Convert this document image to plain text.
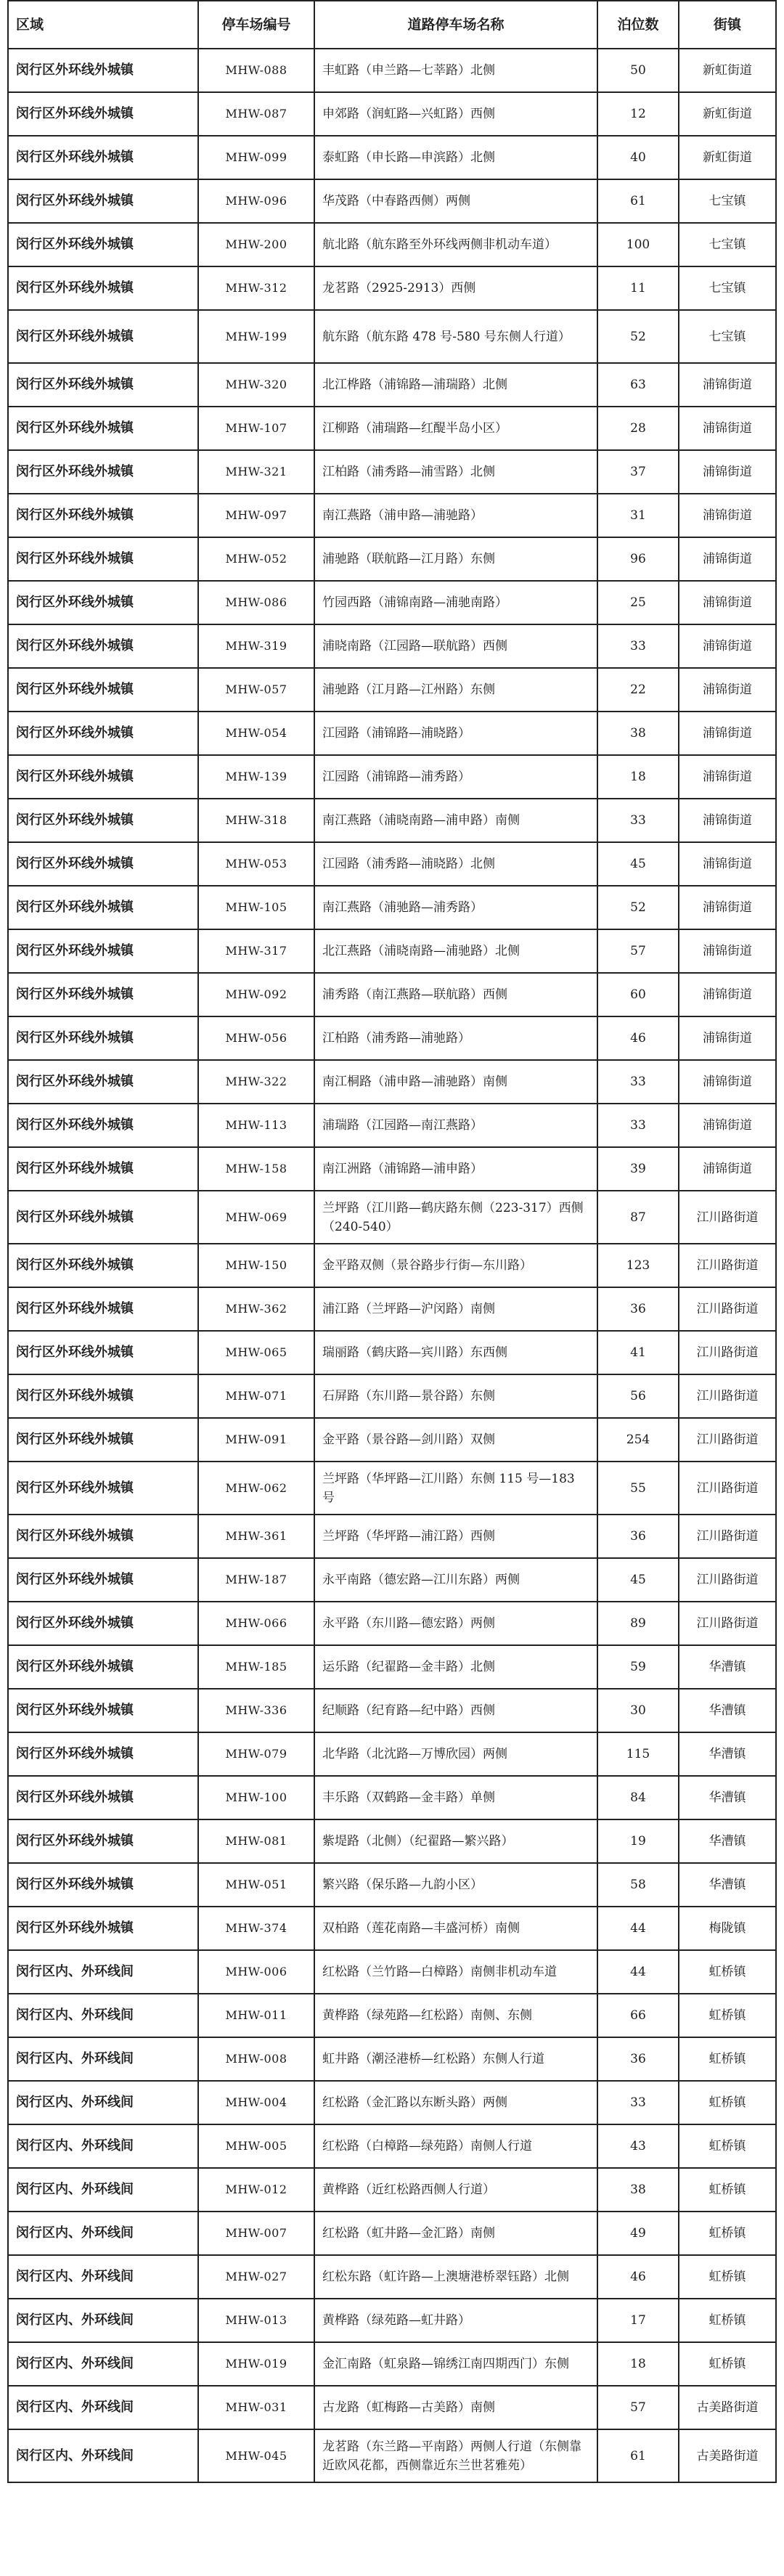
区域	停车场编号	道路停车场名称	泊位数	街镇
闵行区外环线外城镇	MHW-088	丰虹路（申兰路—七莘路）北侧	50	新虹街道
闵行区外环线外城镇	MHW-087	申郊路（润虹路—兴虹路）西侧	12	新虹街道
闵行区外环线外城镇	MHW-099	泰虹路（申长路—申滨路）北侧	40	新虹街道
闵行区外环线外城镇	MHW-096	华茂路（中春路西侧）两侧	61	七宝镇
闵行区外环线外城镇	MHW-200	航北路（航东路至外环线两侧非机动车道）	100	七宝镇
闵行区外环线外城镇	MHW-312	龙茗路（2925-2913）西侧	11	七宝镇
闵行区外环线外城镇	MHW-199	航东路（航东路 478 号-580 号东侧人行道）	52	七宝镇
闵行区外环线外城镇	MHW-320	北江桦路（浦锦路—浦瑞路）北侧	63	浦锦街道
闵行区外环线外城镇	MHW-107	江柳路（浦瑞路—红醍半岛小区）	28	浦锦街道
闵行区外环线外城镇	MHW-321	江柏路（浦秀路—浦雪路）北侧	37	浦锦街道
闵行区外环线外城镇	MHW-097	南江燕路（浦申路—浦驰路）	31	浦锦街道
闵行区外环线外城镇	MHW-052	浦驰路（联航路—江月路）东侧	96	浦锦街道
闵行区外环线外城镇	MHW-086	竹园西路（浦锦南路—浦驰南路）	25	浦锦街道
闵行区外环线外城镇	MHW-319	浦晓南路（江园路—联航路）西侧	33	浦锦街道
闵行区外环线外城镇	MHW-057	浦驰路（江月路—江州路）东侧	22	浦锦街道
闵行区外环线外城镇	MHW-054	江园路（浦锦路—浦晓路）	38	浦锦街道
闵行区外环线外城镇	MHW-139	江园路（浦锦路—浦秀路）	18	浦锦街道
闵行区外环线外城镇	MHW-318	南江燕路（浦晓南路—浦申路）南侧	33	浦锦街道
闵行区外环线外城镇	MHW-053	江园路（浦秀路—浦晓路）北侧	45	浦锦街道
闵行区外环线外城镇	MHW-105	南江燕路（浦驰路—浦秀路）	52	浦锦街道
闵行区外环线外城镇	MHW-317	北江燕路（浦晓南路—浦驰路）北侧	57	浦锦街道
闵行区外环线外城镇	MHW-092	浦秀路（南江燕路—联航路）西侧	60	浦锦街道
闵行区外环线外城镇	MHW-056	江柏路（浦秀路—浦驰路）	46	浦锦街道
闵行区外环线外城镇	MHW-322	南江桐路（浦申路—浦驰路）南侧	33	浦锦街道
闵行区外环线外城镇	MHW-113	浦瑞路（江园路—南江燕路）	33	浦锦街道
闵行区外环线外城镇	MHW-158	南江洲路（浦锦路—浦申路）	39	浦锦街道
闵行区外环线外城镇	MHW-069	兰坪路（江川路—鹤庆路东侧（223-317）西侧（240-540）	87	江川路街道
闵行区外环线外城镇	MHW-150	金平路双侧（景谷路步行街—东川路）	123	江川路街道
闵行区外环线外城镇	MHW-362	浦江路（兰坪路—沪闵路）南侧	36	江川路街道
闵行区外环线外城镇	MHW-065	瑞丽路（鹤庆路—宾川路）东西侧	41	江川路街道
闵行区外环线外城镇	MHW-071	石屏路（东川路—景谷路）东侧	56	江川路街道
闵行区外环线外城镇	MHW-091	金平路（景谷路—剑川路）双侧	254	江川路街道
闵行区外环线外城镇	MHW-062	兰坪路（华坪路—江川路）东侧 115 号—183 号	55	江川路街道
闵行区外环线外城镇	MHW-361	兰坪路（华坪路—浦江路）西侧	36	江川路街道
闵行区外环线外城镇	MHW-187	永平南路（德宏路—江川东路）两侧	45	江川路街道
闵行区外环线外城镇	MHW-066	永平路（东川路—德宏路）两侧	89	江川路街道
闵行区外环线外城镇	MHW-185	运乐路（纪翟路—金丰路）北侧	59	华漕镇
闵行区外环线外城镇	MHW-336	纪顺路（纪育路—纪中路）西侧	30	华漕镇
闵行区外环线外城镇	MHW-079	北华路（北沈路—万博欣园）两侧	115	华漕镇
闵行区外环线外城镇	MHW-100	丰乐路（双鹤路—金丰路）单侧	84	华漕镇
闵行区外环线外城镇	MHW-081	紫堤路（北侧）（纪翟路—繁兴路）	19	华漕镇
闵行区外环线外城镇	MHW-051	繁兴路（保乐路—九韵小区）	58	华漕镇
闵行区外环线外城镇	MHW-374	双柏路（莲花南路—丰盛河桥）南侧	44	梅陇镇
闵行区内、外环线间	MHW-006	红松路（兰竹路—白樟路）南侧非机动车道	44	虹桥镇
闵行区内、外环线间	MHW-011	黄桦路（绿苑路—红松路）南侧、东侧	66	虹桥镇
闵行区内、外环线间	MHW-008	虹井路（潮泾港桥—红松路）东侧人行道	36	虹桥镇
闵行区内、外环线间	MHW-004	红松路（金汇路以东断头路）两侧	33	虹桥镇
闵行区内、外环线间	MHW-005	红松路（白樟路—绿苑路）南侧人行道	43	虹桥镇
闵行区内、外环线间	MHW-012	黄桦路（近红松路西侧人行道）	38	虹桥镇
闵行区内、外环线间	MHW-007	红松路（虹井路—金汇路）南侧	49	虹桥镇
闵行区内、外环线间	MHW-027	红松东路（虹许路—上澳塘港桥翠钰路）北侧	46	虹桥镇
闵行区内、外环线间	MHW-013	黄桦路（绿苑路—虹井路）	17	虹桥镇
闵行区内、外环线间	MHW-019	金汇南路（虹泉路—锦绣江南四期西门）东侧	18	虹桥镇
闵行区内、外环线间	MHW-031	古龙路（虹梅路—古美路）南侧	57	古美路街道
闵行区内、外环线间	MHW-045	龙茗路（东兰路—平南路）两侧人行道（东侧靠近欧风花都，西侧靠近东兰世茗雅苑）	61	古美路街道
